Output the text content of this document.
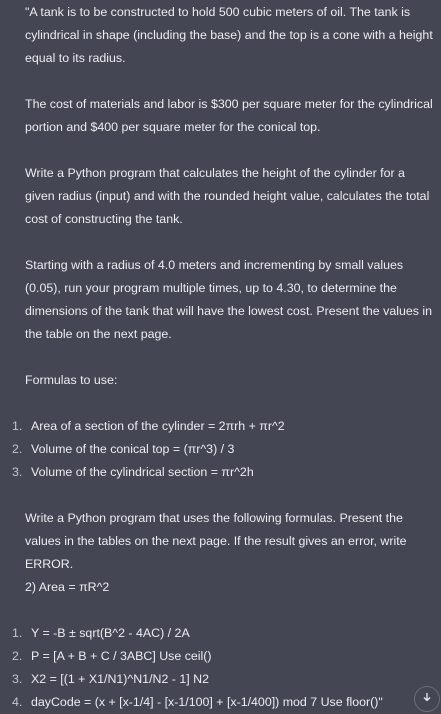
"A tank is to be constructed to hold 500 cubic meters of oil. The tank is cylindrical in shape (including the base) and the top is a cone with a height equal to its radius.

The cost of materials and labor is $300 per square meter for the cylindrical portion and $400 per square meter for the conical top.

Write a Python program that calculates the height of the cylinder for a given radius (input) and with the rounded height value, calculates the total cost of constructing the tank.

Starting with a radius of 4.0 meters and incrementing by small values (0.05), run your program multiple times, up to 4.30, to determine the dimensions of the tank that will have the lowest cost. Present the values in the table on the next page.

Formulas to use:

1. Area of a section of the cylinder = 2πrh + πr^2
2. Volume of the conical top = (πr^3) / 3
3. Volume of the cylindrical section = πr^2h

Write a Python program that uses the following formulas. Present the values in the tables on the next page. If the result gives an error, write ERROR.

2) Area = πR^2

1. Y = -B ± sqrt(B^2 - 4AC) / 2A
2. P = [A + B + C / 3ABC] Use ceil()
3. X2 = [(1 + X1/N1)^N1/N2 - 1] N2
4. dayCode = (x + [x-1/4] - [x-1/100] + [x-1/400]) mod 7 Use floor()"
